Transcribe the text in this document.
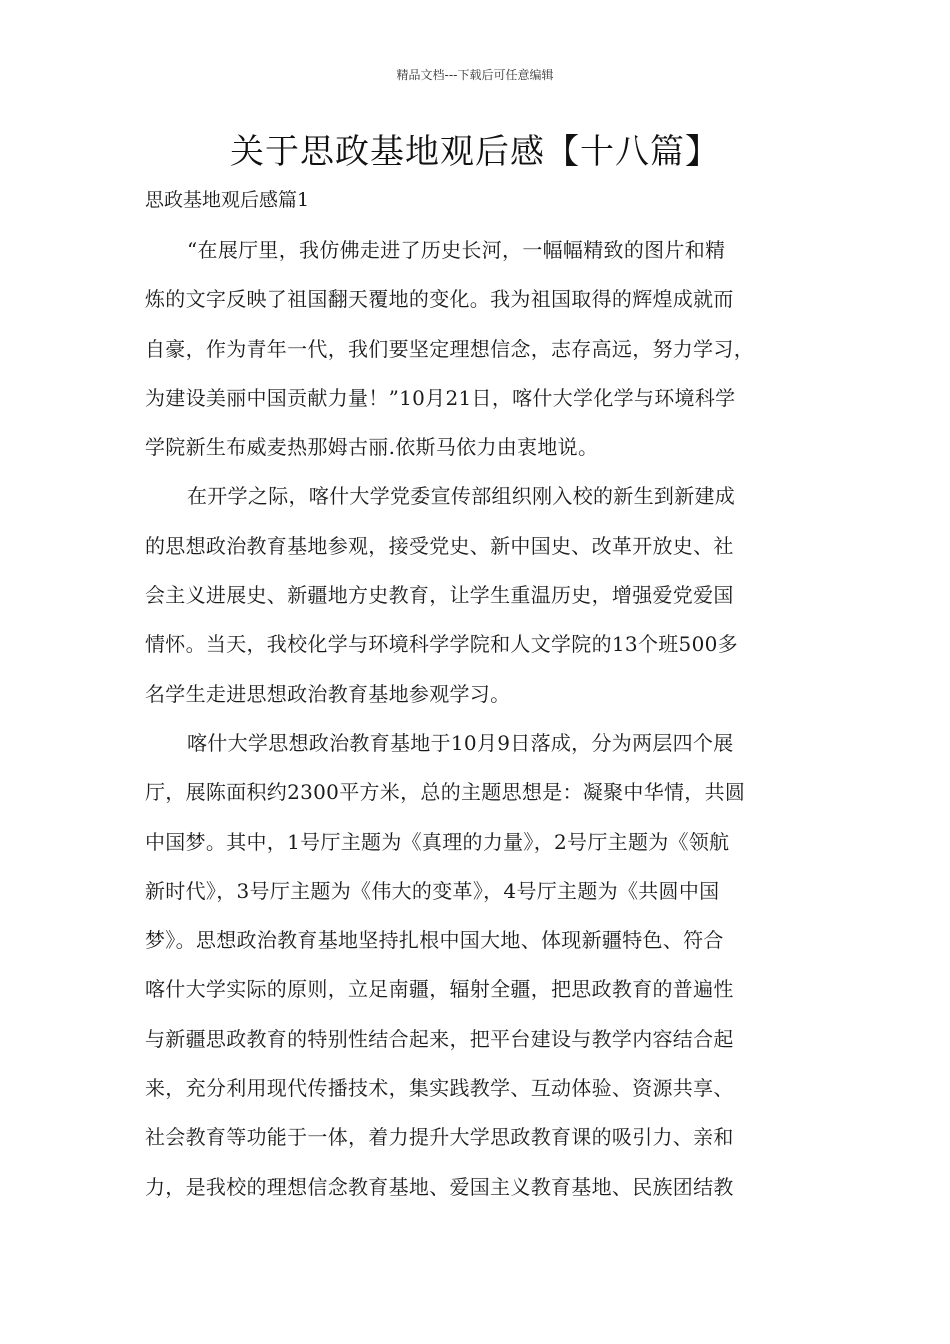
精品文档---下载后可任意编辑
关于思政基地观后感【十八篇】
思政基地观后感篇1

“在展厅里，我仿佛走进了历史长河，一幅幅精致的图片和精
炼的文字反映了祖国翻天覆地的变化。我为祖国取得的辉煌成就而
自豪，作为青年一代，我们要坚定理想信念，志存高远，努力学习，
为建设美丽中国贡献力量！”10月21日，喀什大学化学与环境科学
学院新生布威麦热那姆古丽.依斯马依力由衷地说。

在开学之际，喀什大学党委宣传部组织刚入校的新生到新建成
的思想政治教育基地参观，接受党史、新中国史、改革开放史、社
会主义进展史、新疆地方史教育，让学生重温历史，增强爱党爱国
情怀。当天，我校化学与环境科学学院和人文学院的13个班500多
名学生走进思想政治教育基地参观学习。

喀什大学思想政治教育基地于10月9日落成，分为两层四个展
厅，展陈面积约2300平方米，总的主题思想是：凝聚中华情，共圆
中国梦。其中，1号厅主题为《真理的力量》，2号厅主题为《领航
新时代》，3号厅主题为《伟大的变革》，4号厅主题为《共圆中国
梦》。思想政治教育基地坚持扎根中国大地、体现新疆特色、符合
喀什大学实际的原则，立足南疆，辐射全疆，把思政教育的普遍性
与新疆思政教育的特别性结合起来，把平台建设与教学内容结合起
来，充分利用现代传播技术，集实践教学、互动体验、资源共享、
社会教育等功能于一体，着力提升大学思政教育课的吸引力、亲和
力，是我校的理想信念教育基地、爱国主义教育基地、民族团结教
